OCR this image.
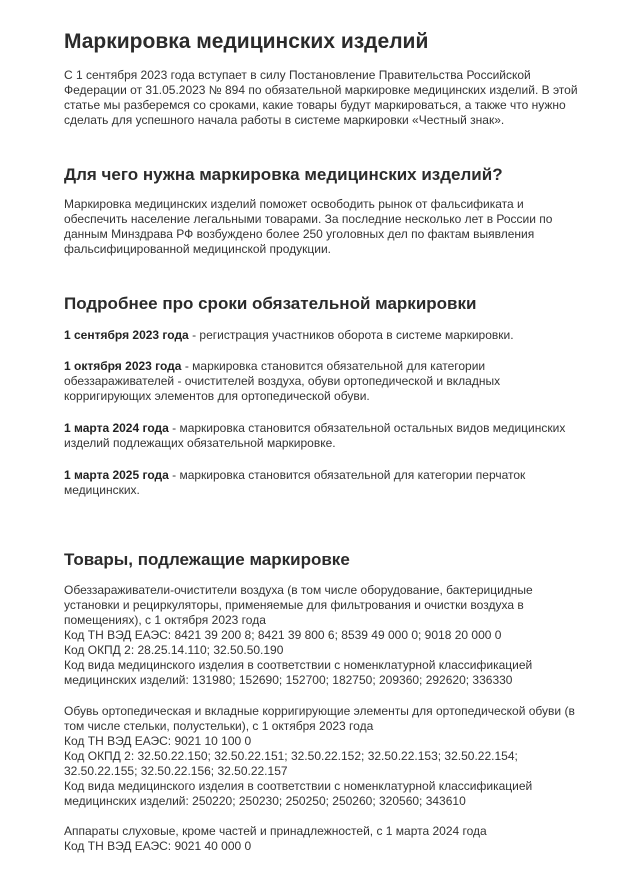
Маркировка медицинских изделий

С 1 сентября 2023 года вступает в силу Постановление Правительства Российской Федерации от 31.05.2023 № 894 по обязательной маркировке медицинских изделий. В этой статье мы разберемся со сроками, какие товары будут маркироваться, а также что нужно сделать для успешного начала работы в системе маркировки «Честный знак».

Для чего нужна маркировка медицинских изделий?

Маркировка медицинских изделий поможет освободить рынок от фальсификата и обеспечить население легальными товарами. За последние несколько лет в России по данным Минздрава РФ возбуждено более 250 уголовных дел по фактам выявления фальсифицированной медицинской продукции.

Подробнее про сроки обязательной маркировки

1 сентября 2023 года - регистрация участников оборота в системе маркировки.

1 октября 2023 года - маркировка становится обязательной для категории обеззараживателей - очистителей воздуха, обуви ортопедической и вкладных корригирующих элементов для ортопедической обуви.

1 марта 2024 года - маркировка становится обязательной остальных видов медицинских изделий подлежащих обязательной маркировке.

1 марта 2025 года - маркировка становится обязательной для категории перчаток медицинских.

Товары, подлежащие маркировке
Обеззараживатели-очистители воздуха (в том числе оборудование, бактерицидные установки и рециркуляторы, применяемые для фильтрования и очистки воздуха в помещениях), с 1 октября 2023 года
Код ТН ВЭД ЕАЭС: 8421 39 200 8; 8421 39 800 6; 8539 49 000 0; 9018 20 000 0
Код ОКПД 2: 28.25.14.110; 32.50.50.190
Код вида медицинского изделия в соответствии с номенклатурной классификацией медицинских изделий: 131980; 152690; 152700; 182750; 209360; 292620; 336330
Обувь ортопедическая и вкладные корригирующие элементы для ортопедической обуви (в том числе стельки, полустельки), с 1 октября 2023 года
Код ТН ВЭД ЕАЭС: 9021 10 100 0
Код ОКПД 2: 32.50.22.150; 32.50.22.151; 32.50.22.152; 32.50.22.153; 32.50.22.154; 32.50.22.155; 32.50.22.156; 32.50.22.157
Код вида медицинского изделия в соответствии с номенклатурной классификацией медицинских изделий: 250220; 250230; 250250; 250260; 320560; 343610
Аппараты слуховые, кроме частей и принадлежностей, с 1 марта 2024 года
Код ТН ВЭД ЕАЭС: 9021 40 000 0
